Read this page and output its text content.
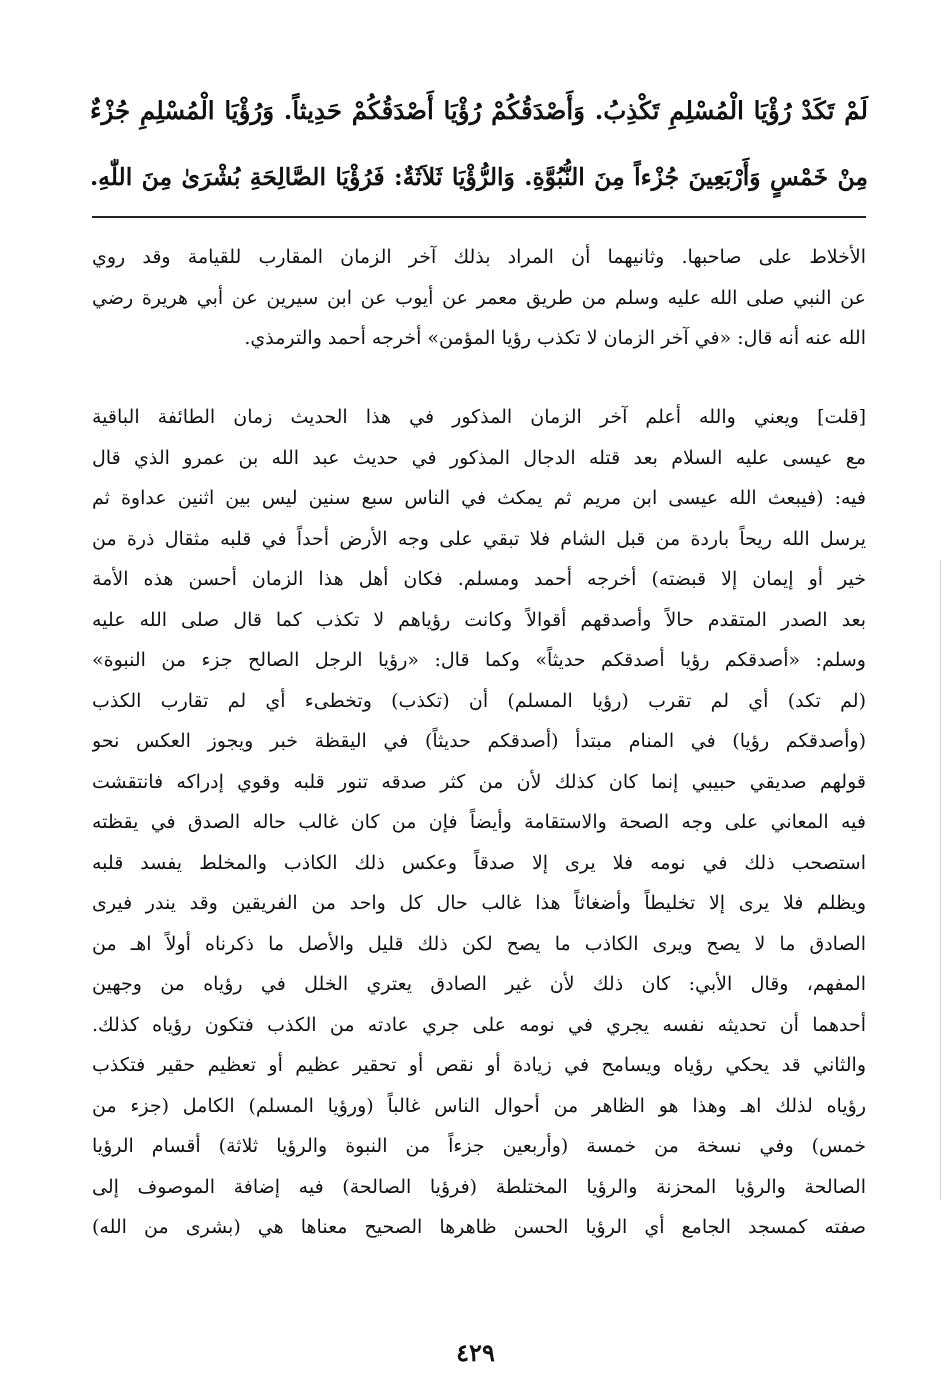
لَمْ تَكَدْ رُؤْيَا الْمُسْلِمِ تَكْذِبُ. وَأَصْدَقُكُمْ رُؤْيَا أَصْدَقُكُمْ حَدِيثاً. وَرُؤْيَا الْمُسْلِمِ جُزْءٌ
مِنْ خَمْسٍ وَأَرْبَعِينَ جُزْءاً مِنَ النُّبُوَّةِ. وَالرُّؤْيَا ثَلاَثَةٌ: فَرُؤْيَا الصَّالِحَةِ بُشْرَىٰ مِنَ اللّٰهِ.
الأخلاط على صاحبها. وثانيهما أن المراد بذلك آخر الزمان المقارب للقيامة وقد روي
عن النبي صلى الله عليه وسلم من طريق معمر عن أيوب عن ابن سيرين عن أبي هريرة رضي
الله عنه أنه قال: «في آخر الزمان لا تكذب رؤيا المؤمن» أخرجه أحمد والترمذي.
[قلت] ويعني والله أعلم آخر الزمان المذكور في هذا الحديث زمان الطائفة الباقية
مع عيسى عليه السلام بعد قتله الدجال المذكور في حديث عبد الله بن عمرو الذي قال
فيه: (فيبعث الله عيسى ابن مريم ثم يمكث في الناس سبع سنين ليس بين اثنين عداوة ثم
يرسل الله ريحاً باردة من قبل الشام فلا تبقي على وجه الأرض أحداً في قلبه مثقال ذرة من
خير أو إيمان إلا قبضته) أخرجه أحمد ومسلم. فكان أهل هذا الزمان أحسن هذه الأمة
بعد الصدر المتقدم حالاً وأصدقهم أقوالاً وكانت رؤياهم لا تكذب كما قال صلى الله عليه
وسلم: «أصدقكم رؤيا أصدقكم حديثاً» وكما قال: «رؤيا الرجل الصالح جزء من النبوة»
(لم تكد) أي لم تقرب (رؤيا المسلم) أن (تكذب) وتخطىء أي لم تقارب الكذب
(وأصدقكم رؤيا) في المنام مبتدأ (أصدقكم حديثاً) في اليقظة خبر ويجوز العكس نحو
قولهم صديقي حبيبي إنما كان كذلك لأن من كثر صدقه تنور قلبه وقوي إدراكه فانتقشت
فيه المعاني على وجه الصحة والاستقامة وأيضاً فإن من كان غالب حاله الصدق في يقظته
استصحب ذلك في نومه فلا يرى إلا صدقاً وعكس ذلك الكاذب والمخلط يفسد قلبه
ويظلم فلا يرى إلا تخليطاً وأضغاثاً هذا غالب حال كل واحد من الفريقين وقد يندر فيرى
الصادق ما لا يصح ويرى الكاذب ما يصح لكن ذلك قليل والأصل ما ذكرناه أولاً اهـ من
المفهم، وقال الأبي: كان ذلك لأن غير الصادق يعتري الخلل في رؤياه من وجهين
أحدهما أن تحديثه نفسه يجري في نومه على جري عادته من الكذب فتكون رؤياه كذلك.
والثاني قد يحكي رؤياه ويسامح في زيادة أو نقص أو تحقير عظيم أو تعظيم حقير فتكذب
رؤياه لذلك اهـ وهذا هو الظاهر من أحوال الناس غالباً (ورؤيا المسلم) الكامل (جزء من
خمس) وفي نسخة من خمسة (وأربعين جزءاً من النبوة والرؤيا ثلاثة) أقسام الرؤيا
الصالحة والرؤيا المحزنة والرؤيا المختلطة (فرؤيا الصالحة) فيه إضافة الموصوف إلى
صفته كمسجد الجامع أي الرؤيا الحسن ظاهرها الصحيح معناها هي (بشرى من الله)
٤٢٩
